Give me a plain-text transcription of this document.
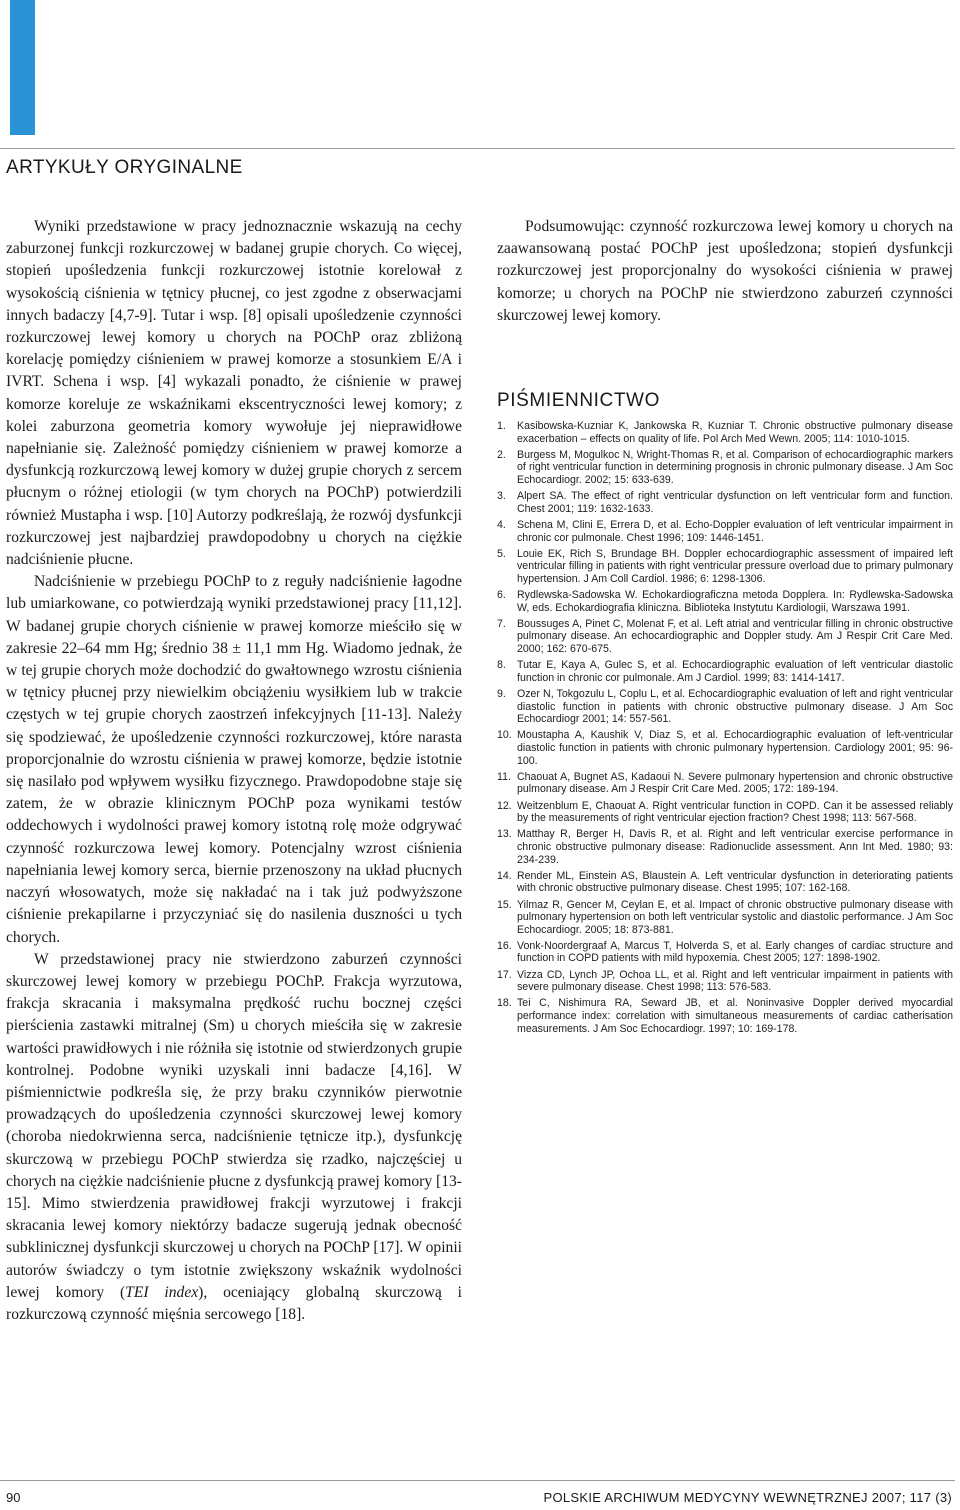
ARTYKUŁY ORYGINALNE

Wyniki przedstawione w pracy jednoznacznie wskazują na cechy zaburzonej funkcji rozkurczowej w badanej grupie chorych. Co więcej, stopień upośledzenia funkcji rozkurczowej istotnie korelował z wysokością ciśnienia w tętnicy płucnej, co jest zgodne z obserwacjami innych badaczy [4,7-9]. Tutar i wsp. [8] opisali upośledzenie czynności rozkurczowej lewej komory u chorych na POChP oraz zbliżoną korelację pomiędzy ciśnieniem w prawej komorze a stosunkiem E/A i IVRT. Schena i wsp. [4] wykazali ponadto, że ciśnienie w prawej komorze koreluje ze wskaźnikami ekscentryczności lewej komory; z kolei zaburzona geometria komory wywołuje jej nieprawidłowe napełnianie się. Zależność pomiędzy ciśnieniem w prawej komorze a dysfunkcją rozkurczową lewej komory w dużej grupie chorych z sercem płucnym o różnej etiologii (w tym chorych na POChP) potwierdzili również Mustapha i wsp. [10] Autorzy podkreślają, że rozwój dysfunkcji rozkurczowej jest najbardziej prawdopodobny u chorych na ciężkie nadciśnienie płucne.

Nadciśnienie w przebiegu POChP to z reguły nadciśnienie łagodne lub umiarkowane, co potwierdzają wyniki przedstawionej pracy [11,12]. W badanej grupie chorych ciśnienie w prawej komorze mieściło się w zakresie 22–64 mm Hg; średnio 38 ± 11,1 mm Hg. Wiadomo jednak, że w tej grupie chorych może dochodzić do gwałtownego wzrostu ciśnienia w tętnicy płucnej przy niewielkim obciążeniu wysiłkiem lub w trakcie częstych w tej grupie chorych zaostrzeń infekcyjnych [11-13]. Należy się spodziewać, że upośledzenie czynności rozkurczowej, które narasta proporcjonalnie do wzrostu ciśnienia w prawej komorze, będzie istotnie się nasilało pod wpływem wysiłku fizycznego. Prawdopodobne staje się zatem, że w obrazie klinicznym POChP poza wynikami testów oddechowych i wydolności prawej komory istotną rolę może odgrywać czynność rozkurczowa lewej komory. Potencjalny wzrost ciśnienia napełniania lewej komory serca, biernie przenoszony na układ płucnych naczyń włosowatych, może się nakładać na i tak już podwyższone ciśnienie prekapilarne i przyczyniać się do nasilenia duszności u tych chorych.

W przedstawionej pracy nie stwierdzono zaburzeń czynności skurczowej lewej komory w przebiegu POChP. Frakcja wyrzutowa, frakcja skracania i maksymalna prędkość ruchu bocznej części pierścienia zastawki mitralnej (Sm) u chorych mieściła się w zakresie wartości prawidłowych i nie różniła się istotnie od stwierdzonych grupie kontrolnej. Podobne wyniki uzyskali inni badacze [4,16]. W piśmiennictwie podkreśla się, że przy braku czynników pierwotnie prowadzących do upośledzenia czynności skurczowej lewej komory (choroba niedokrwienna serca, nadciśnienie tętnicze itp.), dysfunkcję skurczową w przebiegu POChP stwierdza się rzadko, najczęściej u chorych na ciężkie nadciśnienie płucne z dysfunkcją prawej komory [13-15]. Mimo stwierdzenia prawidłowej frakcji wyrzutowej i frakcji skracania lewej komory niektórzy badacze sugerują jednak obecność subklinicznej dysfunkcji skurczowej u chorych na POChP [17]. W opinii autorów świadczy o tym istotnie zwiększony wskaźnik wydolności lewej komory (TEI index), oceniający globalną skurczową i rozkurczową czynność mięśnia sercowego [18].

Podsumowując: czynność rozkurczowa lewej komory u chorych na zaawansowaną postać POChP jest upośledzona; stopień dysfunkcji rozkurczowej jest proporcjonalny do wysokości ciśnienia w prawej komorze; u chorych na POChP nie stwierdzono zaburzeń czynności skurczowej lewej komory.

PIŚMIENNICTWO
1. Kasibowska-Kuzniar K, Jankowska R, Kuzniar T. Chronic obstructive pulmonary disease exacerbation – effects on quality of life. Pol Arch Med Wewn. 2005; 114: 1010-1015.
2. Burgess M, Mogulkoc N, Wright-Thomas R, et al. Comparison of echocardiographic markers of right ventricular function in determining prognosis in chronic pulmonary disease. J Am Soc Echocardiogr. 2002; 15: 633-639.
3. Alpert SA. The effect of right ventricular dysfunction on left ventricular form and function. Chest 2001; 119: 1632-1633.
4. Schena M, Clini E, Errera D, et al. Echo-Doppler evaluation of left ventricular impairment in chronic cor pulmonale. Chest 1996; 109: 1446-1451.
5. Louie EK, Rich S, Brundage BH. Doppler echocardiographic assessment of impaired left ventricular filling in patients with right ventricular pressure overload due to primary pulmonary hypertension. J Am Coll Cardiol. 1986; 6: 1298-1306.
6. Rydlewska-Sadowska W. Echokardiograficzna metoda Dopplera. In: Rydlewska-Sadowska W, eds. Echokardiografia kliniczna. Biblioteka Instytutu Kardiologii, Warszawa 1991.
7. Boussuges A, Pinet C, Molenat F, et al. Left atrial and ventricular filling in chronic obstructive pulmonary disease. An echocardiographic and Doppler study. Am J Respir Crit Care Med. 2000; 162: 670-675.
8. Tutar E, Kaya A, Gulec S, et al. Echocardiographic evaluation of left ventricular diastolic function in chronic cor pulmonale. Am J Cardiol. 1999; 83: 1414-1417.
9. Ozer N, Tokgozulu L, Coplu L, et al. Echocardiographic evaluation of left and right ventricular diastolic function in patients with chronic obstructive pulmonary disease. J Am Soc Echocardiogr 2001; 14: 557-561.
10. Moustapha A, Kaushik V, Diaz S, et al. Echocardiographic evaluation of left-ventricular diastolic function in patients with chronic pulmonary hypertension. Cardiology 2001; 95: 96-100.
11. Chaouat A, Bugnet AS, Kadaoui N. Severe pulmonary hypertension and chronic obstructive pulmonary disease. Am J Respir Crit Care Med. 2005; 172: 189-194.
12. Weitzenblum E, Chaouat A. Right ventricular function in COPD. Can it be assessed reliably by the measurements of right ventricular ejection fraction? Chest 1998; 113: 567-568.
13. Matthay R, Berger H, Davis R, et al. Right and left ventricular exercise performance in chronic obstructive pulmonary disease: Radionuclide assessment. Ann Int Med. 1980; 93: 234-239.
14. Render ML, Einstein AS, Blaustein A. Left ventricular dysfunction in deteriorating patients with chronic obstructive pulmonary disease. Chest 1995; 107: 162-168.
15. Yilmaz R, Gencer M, Ceylan E, et al. Impact of chronic obstructive pulmonary disease with pulmonary hypertension on both left ventricular systolic and diastolic performance. J Am Soc Echocardiogr. 2005; 18: 873-881.
16. Vonk-Noordergraaf A, Marcus T, Holverda S, et al. Early changes of cardiac structure and function in COPD patients with mild hypoxemia. Chest 2005; 127: 1898-1902.
17. Vizza CD, Lynch JP, Ochoa LL, et al. Right and left ventricular impairment in patients with severe pulmonary disease. Chest 1998; 113: 576-583.
18. Tei C, Nishimura RA, Seward JB, et al. Noninvasive Doppler derived myocardial performance index: correlation with simultaneous measurements of cardiac catherisation measurements. J Am Soc Echocardiogr. 1997; 10: 169-178.
90	POLSKIE ARCHIWUM MEDYCYNY WEWNĘTRZNEJ 2007; 117 (3)
